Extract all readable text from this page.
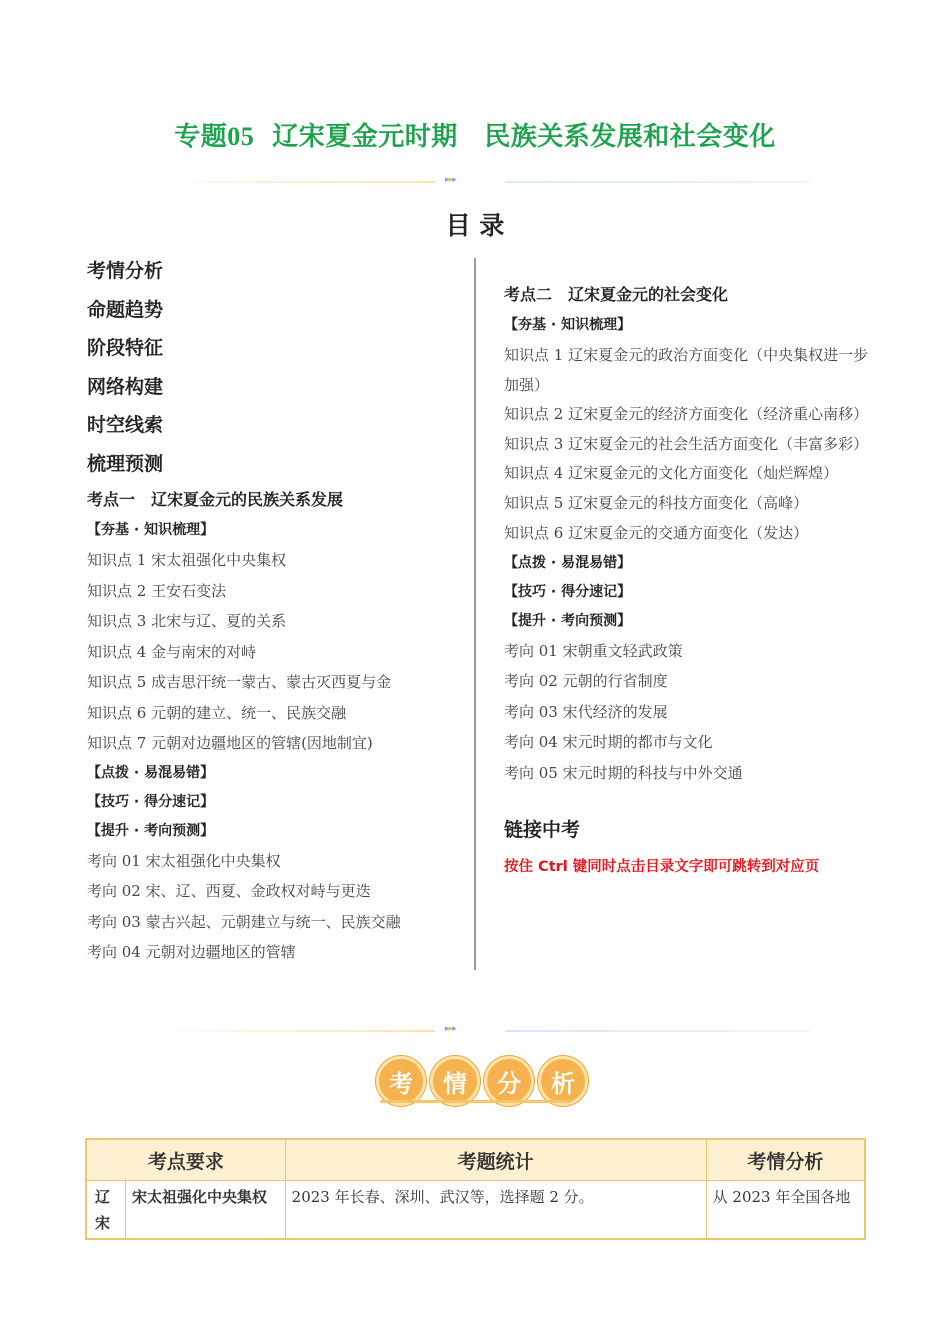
专题05 辽宋夏金元时期　民族关系发展和社会变化
▸▸▸
目 录
考情分析
命题趋势
阶段特征
网络构建
时空线索
梳理预测
考点一　辽宋夏金元的民族关系发展
【夯基 · 知识梳理】
知识点 1 宋太祖强化中央集权
知识点 2 王安石变法
知识点 3 北宋与辽、夏的关系
知识点 4 金与南宋的对峙
知识点 5 成吉思汗统一蒙古、蒙古灭西夏与金
知识点 6 元朝的建立、统一、民族交融
知识点 7 元朝对边疆地区的管辖(因地制宜)
【点拨 · 易混易错】
【技巧 · 得分速记】
【提升 · 考向预测】
考向 01 宋太祖强化中央集权
考向 02 宋、辽、西夏、金政权对峙与更迭
考向 03 蒙古兴起、元朝建立与统一、民族交融
考向 04 元朝对边疆地区的管辖
考点二　辽宋夏金元的社会变化
【夯基 · 知识梳理】
知识点 1 辽宋夏金元的政治方面变化（中央集权进一步加强）
知识点 2 辽宋夏金元的经济方面变化（经济重心南移）
知识点 3 辽宋夏金元的社会生活方面变化（丰富多彩）
知识点 4 辽宋夏金元的文化方面变化（灿烂辉煌）
知识点 5 辽宋夏金元的科技方面变化（高峰）
知识点 6 辽宋夏金元的交通方面变化（发达）
【点拨 · 易混易错】
【技巧 · 得分速记】
【提升 · 考向预测】
考向 01 宋朝重文轻武政策
考向 02 元朝的行省制度
考向 03 宋代经济的发展
考向 04 宋元时期的都市与文化
考向 05 宋元时期的科技与中外交通
链接中考
按住 Ctrl 键同时点击目录文字即可跳转到对应页
▸▸▸
考	情	分	析
考点要求		考题统计	考情分析
辽宋	宋太祖强化中央集权	2023 年长春、深圳、武汉等，选择题 2 分。	从 2023 年全国各地
